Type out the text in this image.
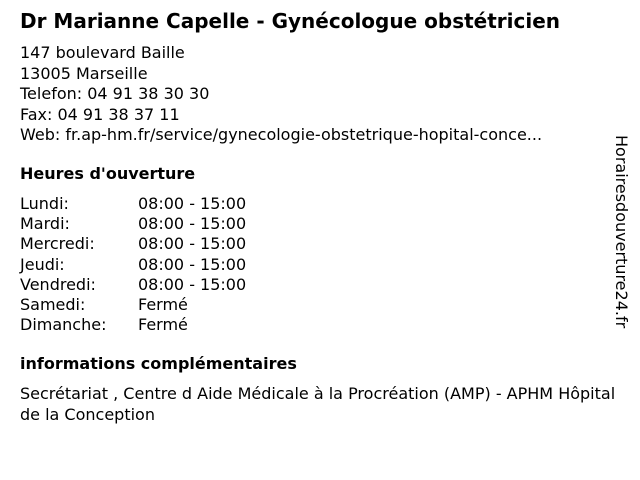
Dr Marianne Capelle - Gynécologue obstétricien
147 boulevard Baille
13005 Marseille
Telefon: 04 91 38 30 30
Fax: 04 91 38 37 11
Web: fr.ap-hm.fr/service/gynecologie-obstetrique-hopital-conce...
Heures d'ouverture
Lundi:	08:00 - 15:00
Mardi:	08:00 - 15:00
Mercredi:	08:00 - 15:00
Jeudi:	08:00 - 15:00
Vendredi:	08:00 - 15:00
Samedi:	Fermé
Dimanche:	Fermé
informations complémentaires
Secrétariat , Centre d Aide Médicale à la Procréation (AMP) - APHM Hôpital de la Conception
Horairesdouverture24.fr
